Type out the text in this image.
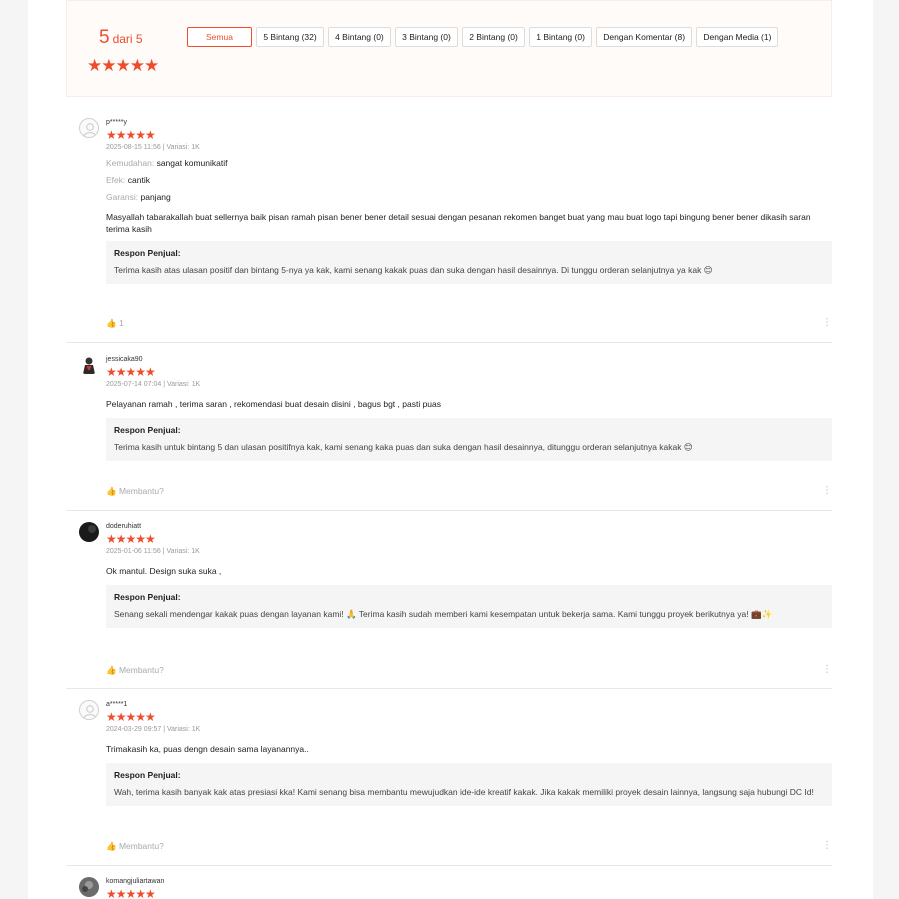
5 dari 5
★★★★★
Semua	5 Bintang (32) 4 Bintang (0) 3 Bintang (0) 2 Bintang (0) 1 Bintang (0) Dengan Komentar (8) Dengan Media (1)
p*****y
★★★★★
2025-08-15 11:56 | Variasi: 1K
Kemudahan: sangat komunikatif
Efek: cantik
Garansi: panjang
Masyallah tabarakallah buat sellernya baik pisan ramah pisan bener bener detail sesuai dengan pesanan rekomen banget buat yang mau buat logo tapi bingung bener bener dikasih saran terima kasih
Respon Penjual:
Terima kasih atas ulasan positif dan bintang 5-nya ya kak, kami senang kakak puas dan suka dengan hasil desainnya. Di tunggu orderan selanjutnya ya kak 😊
👍 1	⋮
jessicaka90
★★★★★
2025-07-14 07:04 | Variasi: 1K
Pelayanan ramah , terima saran , rekomendasi buat desain disini , bagus bgt , pasti puas
Respon Penjual:
Terima kasih untuk bintang 5 dan ulasan positifnya kak, kami senang kaka puas dan suka dengan hasil desainnya, ditunggu orderan selanjutnya kakak 😊
👍 Membantu?	⋮
doderuhiatt
★★★★★
2025-01-06 11:56 | Variasi: 1K
Ok mantul. Design suka suka ,
Respon Penjual:
Senang sekali mendengar kakak puas dengan layanan kami! 🙏 Terima kasih sudah memberi kami kesempatan untuk bekerja sama. Kami tunggu proyek berikutnya ya! 💼✨
👍 Membantu?	⋮
a*****1
★★★★★
2024-03-29 09:57 | Variasi: 1K
Trimakasih ka, puas dengn desain sama layanannya..
Respon Penjual:
Wah, terima kasih banyak kak atas presiasi kka! Kami senang bisa membantu mewujudkan ide-ide kreatif kakak. Jika kakak memiliki proyek desain lainnya, langsung saja hubungi DC Id!
👍 Membantu?	⋮
komangjuliartawan
★★★★★
